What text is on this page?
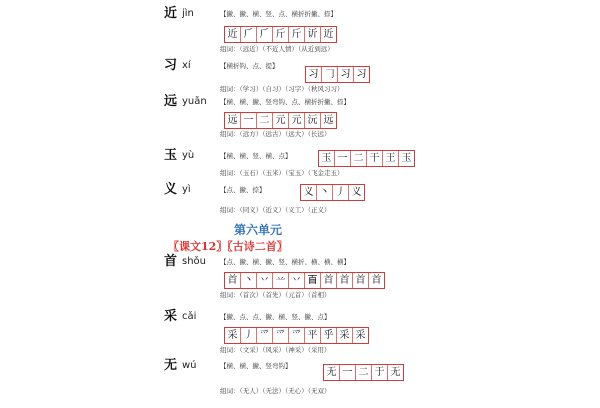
第六单元
〖课文12〗〖古诗二首〗
近 jìn	【撇、撇、横、竖、点、横折折撇、捺】
近 𠂆 𠂆 斤 斤 䜣 近
组词：（远近）（不近人情）（从近到远）
习 xí	【横折钩、点、提】
习 𠃌 习 习
组词：（学习）（自习）（习字）（秋风习习）
远 yuǎn 【横、横、撇、竖弯钩、点、横折折撇、捺】
远 一 二 元 元 沅 远
组词：（远方）（远古）（远大）（长远）
玉 yù	【横、横、竖、横、点】	玉 一 二 干 王 玉
组词：（玉石）（玉米）（宝玉）（飞金走玉）
义 yì	【点、撇、捺】	义 丶 丿 义
组词：（同义）（近义）（义工）（正义）
首 shǒu 【点、撇、横、撇、竖、横折、横、横、横】
首 丶 丷 䒑 丷 𦣻 首 首 首 首
组词：（首次）（首先）（元首）（首相）
采 cǎi	【撇、点、点、撇、横、竖、撇、点】
采 丿 爫 爫 爫 平 乎 采 采
组词：（文采）（风采）（神采）（采用）
无 wú	【横、横、撇、竖弯钩】
无 一 二 于 无
组词：（无人）（无法）（无心）（无双）
